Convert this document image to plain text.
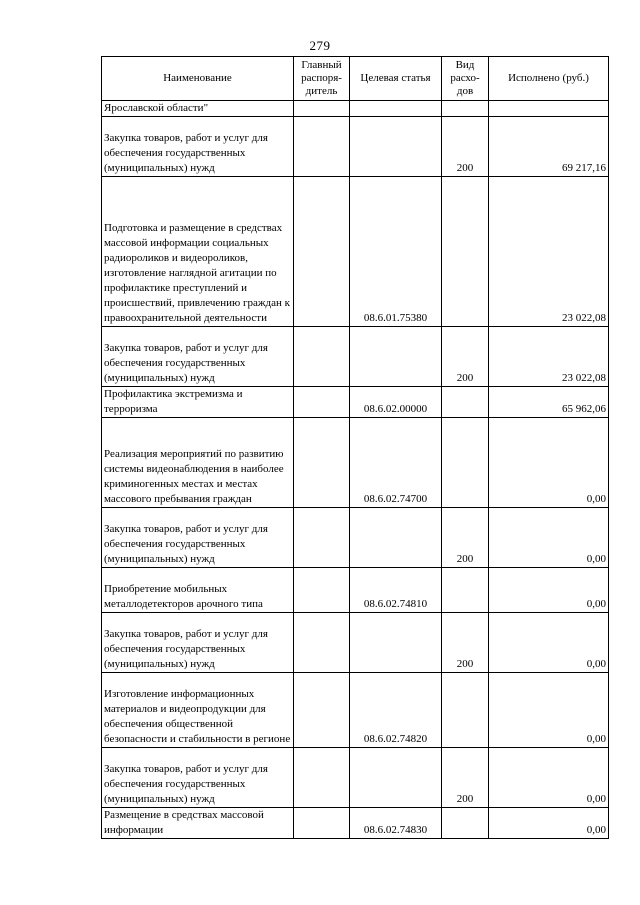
279
Наименование	Главный распоря-дитель	Целевая статья	Вид расхо-дов	Исполнено (руб.)
Ярославской области"				
Закупка товаров, работ и услуг для обеспечения государственных (муниципальных) нужд			200	69 217,16
Подготовка и размещение в средствах массовой информации социальных радиороликов и видеороликов, изготовление наглядной агитации по профилактике преступлений и происшествий, привлечению граждан к правоохранительной деятельности		08.6.01.75380		23 022,08
Закупка товаров, работ и услуг для обеспечения государственных (муниципальных) нужд			200	23 022,08
Профилактика экстремизма и терроризма		08.6.02.00000		65 962,06
Реализация мероприятий по развитию системы видеонаблюдения в наиболее криминогенных местах и местах массового пребывания граждан		08.6.02.74700		0,00
Закупка товаров, работ и услуг для обеспечения государственных (муниципальных) нужд			200	0,00
Приобретение мобильных металлодетекторов арочного типа		08.6.02.74810		0,00
Закупка товаров, работ и услуг для обеспечения государственных (муниципальных) нужд			200	0,00
Изготовление информационных материалов и видеопродукции для обеспечения общественной безопасности и стабильности в регионе		08.6.02.74820		0,00
Закупка товаров, работ и услуг для обеспечения государственных (муниципальных) нужд			200	0,00
Размещение в средствах массовой информации		08.6.02.74830		0,00
